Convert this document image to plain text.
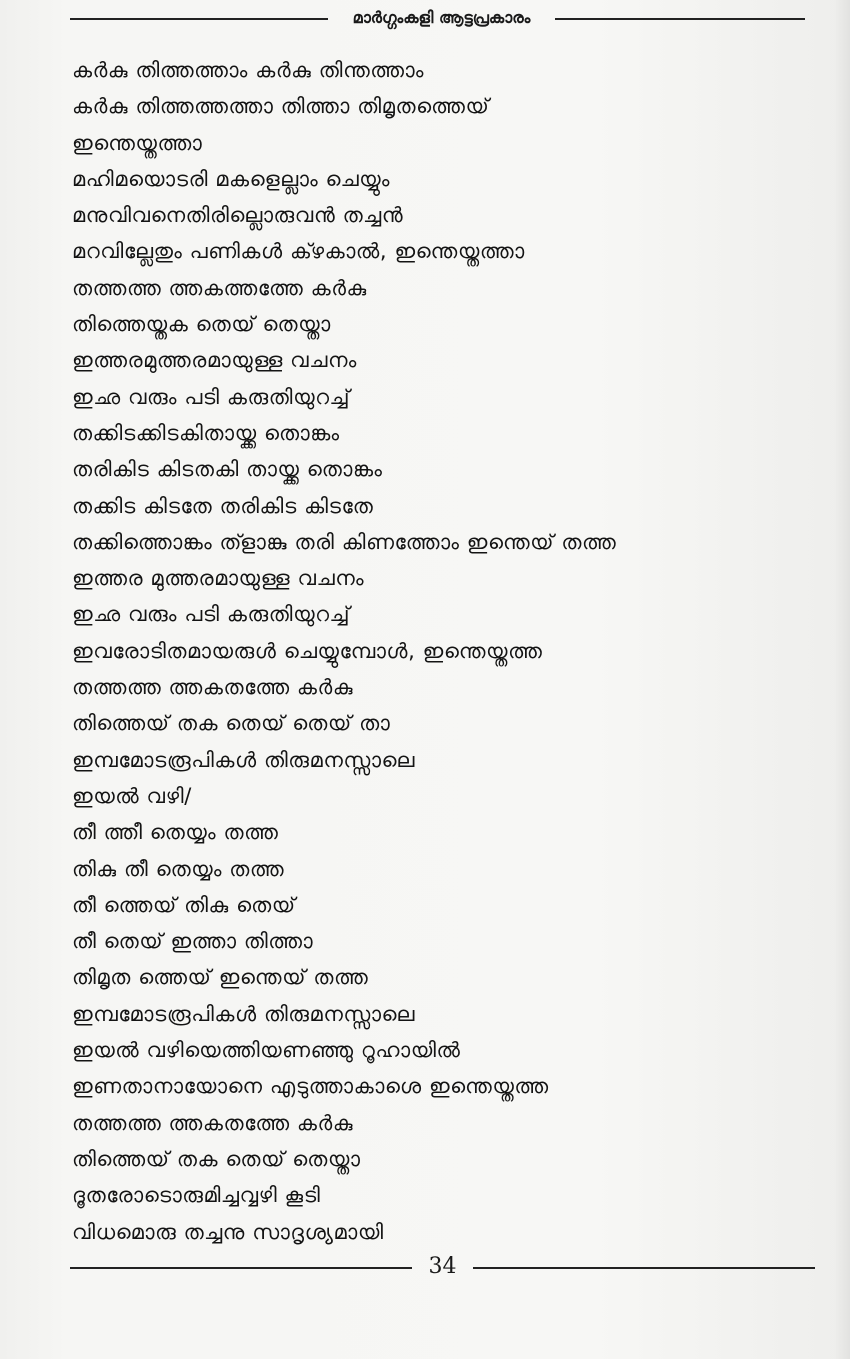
മാർഗ്ഗംകളി ആട്ടപ്രകാരം
കർകു തിത്തത്താം കർകു തിന്തത്താം
കർകു തിത്തത്തത്താ തിത്താ തിമൃതത്തെയ്
ഇന്തെയ്തത്താ
മഹിമയൊടരി മകളെല്ലാം ചെയ്യും
മനുവിവനെതിരില്ലൊരുവൻ തച്ചൻ
മറവില്ലേതും പണികൾ ക്ഴകാൽ, ഇന്തെയ്തത്താ
തത്തത്ത ത്തകത്തത്തേ കർകു
തിത്തെയ്തക തെയ് തെയ്താ
ഇത്തരമുത്തരമായുള്ള വചനം
ഇഛ വരും പടി കരുതിയുറച്ച്
തക്കിടക്കിടകിതായ്ക്ക തൊങ്കം
തരികിട കിടതകി തായ്ക്ക തൊങ്കം
തക്കിട കിടതേ തരികിട കിടതേ
തക്കിത്തൊങ്കം ത്ളാങ്കു തരി കിണത്തോം ഇന്തെയ് തത്ത
ഇത്തര മുത്തരമായുള്ള വചനം
ഇഛ വരും പടി കരുതിയുറച്ച്
ഇവരോടിതമായരുൾ ചെയ്യുമ്പോൾ, ഇന്തെയ്തത്ത
തത്തത്ത ത്തകതത്തേ കർകു
തിത്തെയ് തക തെയ് തെയ് താ
ഇമ്പമോടരൂപികൾ തിരുമനസ്സാലെ
ഇയൽ വഴി/
തീ ത്തീ തെയ്യം തത്ത
തികു തീ തെയ്യം തത്ത
തീ ത്തെയ് തികു തെയ്
തീ തെയ് ഇത്താ തിത്താ
തിമൃത ത്തെയ് ഇന്തെയ് തത്ത
ഇമ്പമോടരൂപികൾ തിരുമനസ്സാലെ
ഇയൽ വഴിയെത്തിയണഞ്ഞു റൂഹായിൽ
ഇണതാനായോനെ എടുത്താകാശെ ഇന്തെയ്തത്ത
തത്തത്ത ത്തകതത്തേ കർകു
തിത്തെയ് തക തെയ് തെയ്താ
ദൂതരോടൊരുമിച്ചവ്വഴി കൂടി
വിധമൊരു തച്ചനു സാദൃശ്യമായി
34
